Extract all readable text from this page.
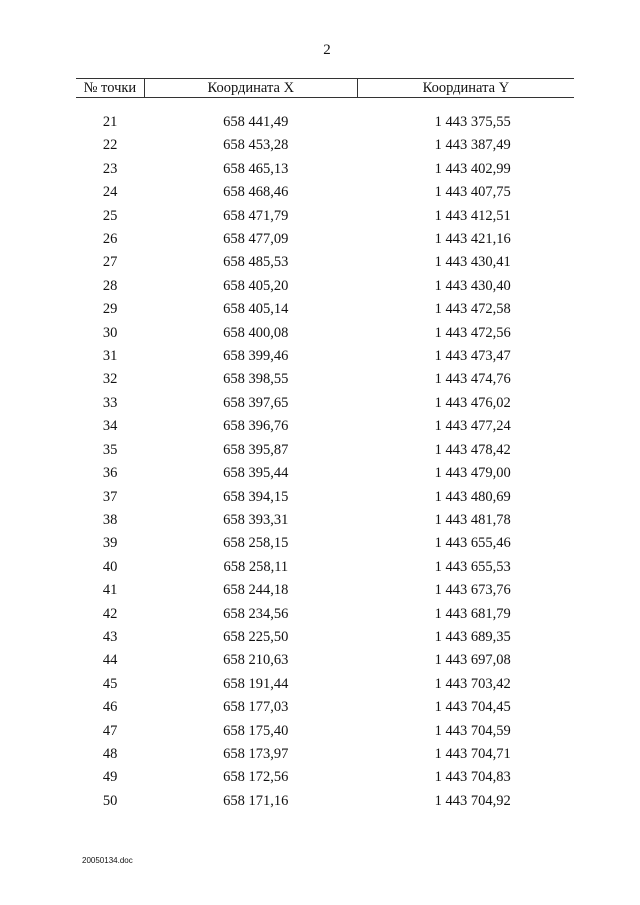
2
№ точки	Координата X	Координата Y

21	658 441,49	1 443 375,55
22	658 453,28	1 443 387,49
23	658 465,13	1 443 402,99
24	658 468,46	1 443 407,75
25	658 471,79	1 443 412,51
26	658 477,09	1 443 421,16
27	658 485,53	1 443 430,41
28	658 405,20	1 443 430,40
29	658 405,14	1 443 472,58
30	658 400,08	1 443 472,56
31	658 399,46	1 443 473,47
32	658 398,55	1 443 474,76
33	658 397,65	1 443 476,02
34	658 396,76	1 443 477,24
35	658 395,87	1 443 478,42
36	658 395,44	1 443 479,00
37	658 394,15	1 443 480,69
38	658 393,31	1 443 481,78
39	658 258,15	1 443 655,46
40	658 258,11	1 443 655,53
41	658 244,18	1 443 673,76
42	658 234,56	1 443 681,79
43	658 225,50	1 443 689,35
44	658 210,63	1 443 697,08
45	658 191,44	1 443 703,42
46	658 177,03	1 443 704,45
47	658 175,40	1 443 704,59
48	658 173,97	1 443 704,71
49	658 172,56	1 443 704,83
50	658 171,16	1 443 704,92
20050134.doc
